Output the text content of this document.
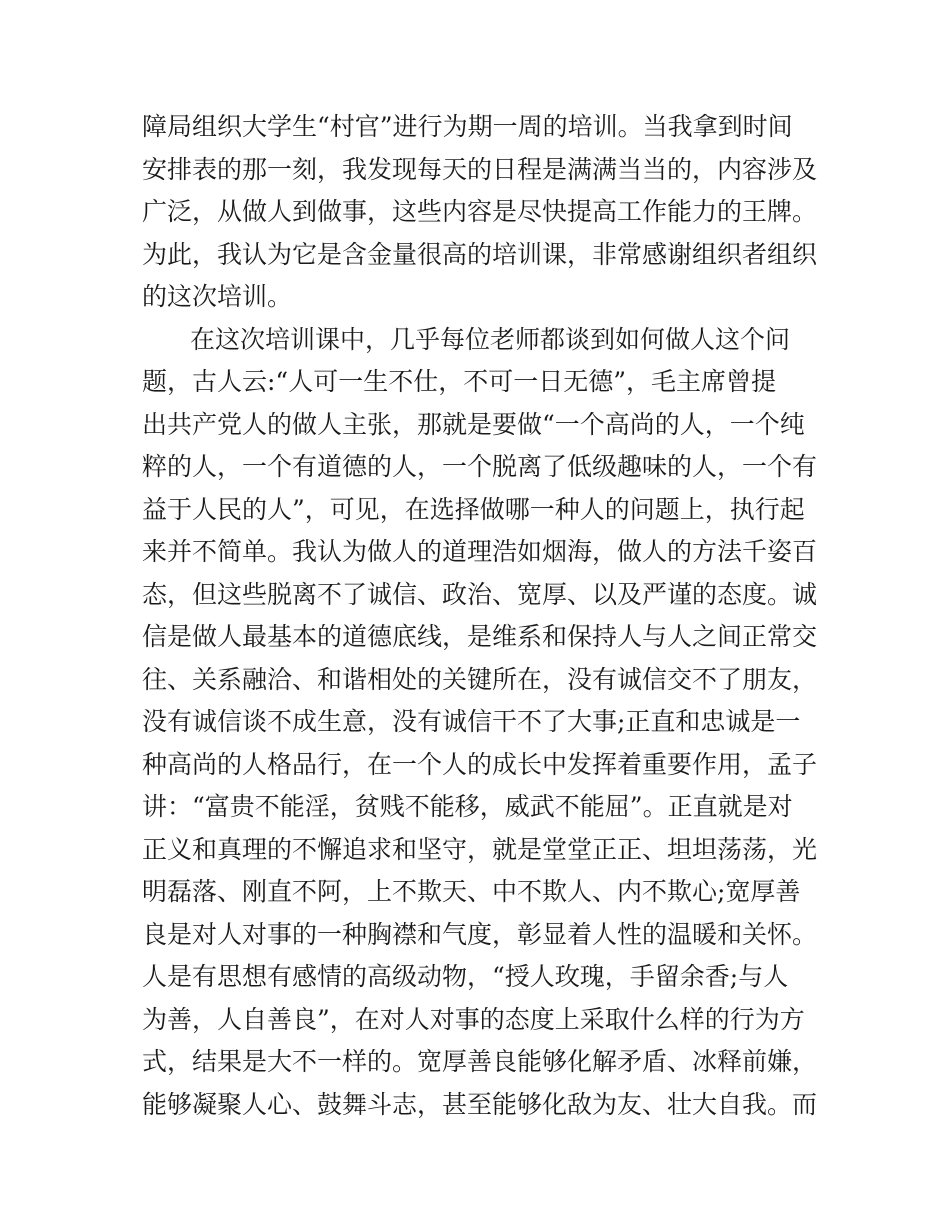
障局组织大学生“村官”进行为期一周的培训。当我拿到时间
安排表的那一刻，我发现每天的日程是满满当当的，内容涉及
广泛，从做人到做事，这些内容是尽快提高工作能力的王牌。
为此，我认为它是含金量很高的培训课，非常感谢组织者组织
的这次培训。
在这次培训课中，几乎每位老师都谈到如何做人这个问
题，古人云:“人可一生不仕，不可一日无德”，毛主席曾提
出共产党人的做人主张，那就是要做“一个高尚的人，一个纯
粹的人，一个有道德的人，一个脱离了低级趣味的人，一个有
益于人民的人”，可见，在选择做哪一种人的问题上，执行起
来并不简单。我认为做人的道理浩如烟海，做人的方法千姿百
态，但这些脱离不了诚信、政治、宽厚、以及严谨的态度。诚
信是做人最基本的道德底线，是维系和保持人与人之间正常交
往、关系融洽、和谐相处的关键所在，没有诚信交不了朋友，
没有诚信谈不成生意，没有诚信干不了大事;正直和忠诚是一
种高尚的人格品行，在一个人的成长中发挥着重要作用，孟子
讲：“富贵不能淫，贫贱不能移，威武不能屈”。正直就是对
正义和真理的不懈追求和坚守，就是堂堂正正、坦坦荡荡，光
明磊落、刚直不阿，上不欺天、中不欺人、内不欺心;宽厚善
良是对人对事的一种胸襟和气度，彰显着人性的温暖和关怀。
人是有思想有感情的高级动物，“授人玫瑰，手留余香;与人
为善，人自善良”，在对人对事的态度上采取什么样的行为方
式，结果是大不一样的。宽厚善良能够化解矛盾、冰释前嫌，
能够凝聚人心、鼓舞斗志，甚至能够化敌为友、壮大自我。而
